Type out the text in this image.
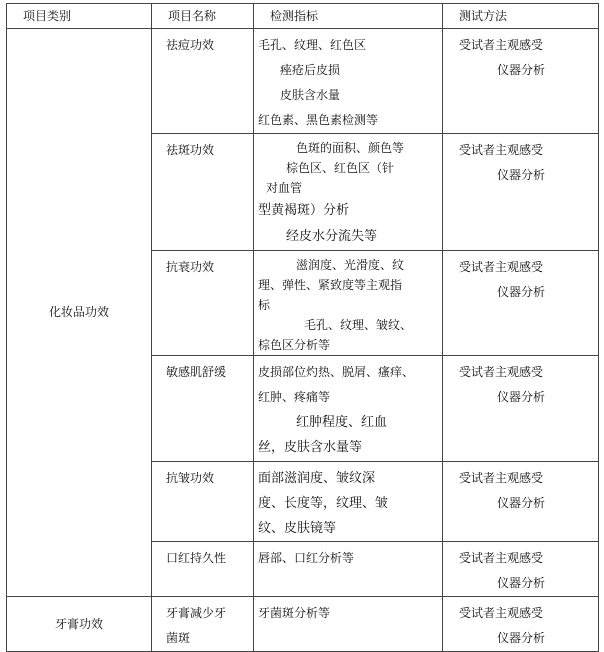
项目类别	项目名称	检测指标	测试方法
化妆品功效	祛痘功效	毛孔、纹理、红色区
痤疮后皮损
皮肤含水量
红色素、黑色素检测等	受试者主观感受
仪器分析

	祛斑功效	色斑的面积、颜色等
棕色区、红色区（针
对血管
型黄褐斑）分析
经皮水分流失等	受试者主观感受
仪器分析

	抗衰功效	滋润度、光滑度、纹
理、弹性、紧致度等主观指
标
毛孔、纹理、皱纹、
棕色区分析等	受试者主观感受
仪器分析

	敏感肌舒缓	皮损部位灼热、脱屑、瘙痒、
红肿、疼痛等
红肿程度、红血
丝，皮肤含水量等	受试者主观感受
仪器分析

	抗皱功效	面部滋润度、皱纹深
度、长度等，纹理、皱
纹、皮肤镜等	受试者主观感受
仪器分析

	口红持久性	唇部、口红分析等	受试者主观感受
仪器分析

牙膏功效	牙膏减少牙
菌斑	牙菌斑分析等	受试者主观感受
仪器分析
